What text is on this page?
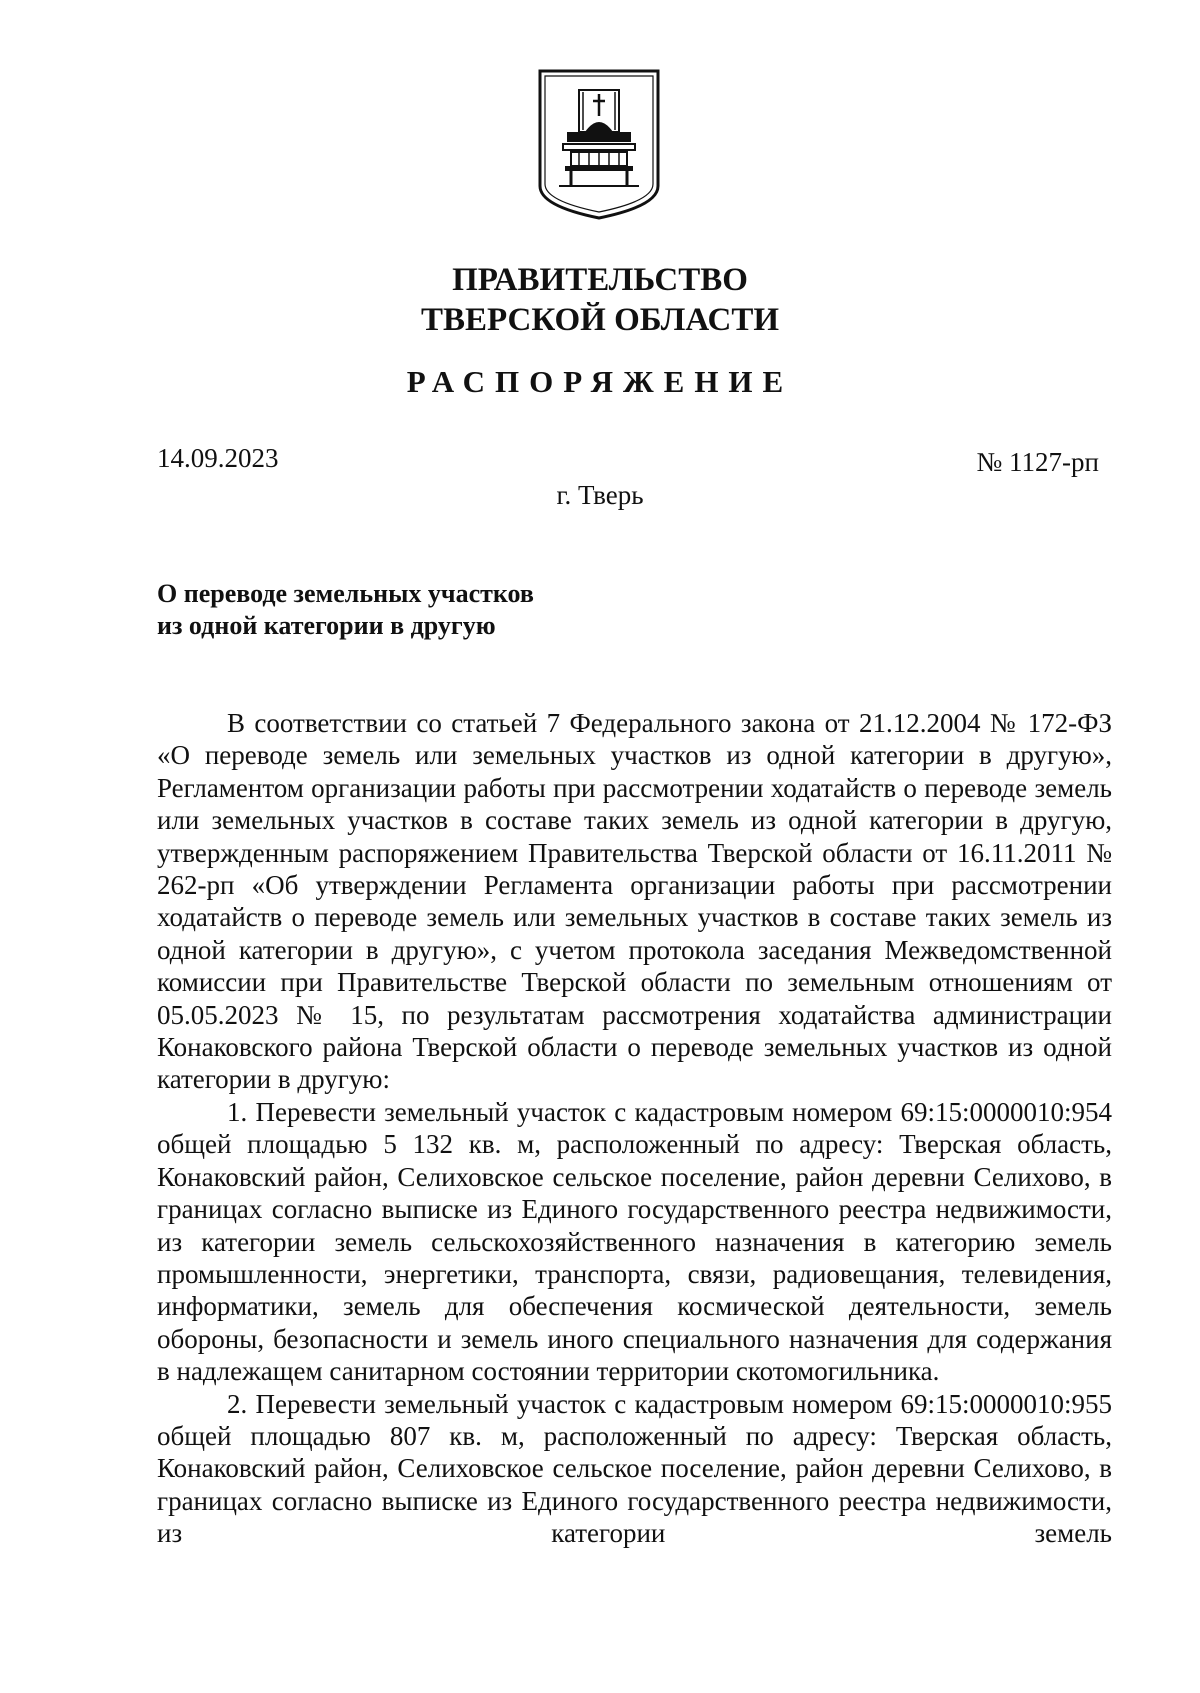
ПРАВИТЕЛЬСТВО
ТВЕРСКОЙ ОБЛАСТИ
РАСПОРЯЖЕНИЕ
14.09.2023	№ 1127-рп
г. Тверь
О переводе земельных участков
из одной категории в другую

В соответствии со статьей 7 Федерального закона от 21.12.2004 № 172-ФЗ «О переводе земель или земельных участков из одной категории в другую», Регламентом организации работы при рассмотрении ходатайств о переводе земель или земельных участков в составе таких земель из одной категории в другую, утвержденным распоряжением Правительства Тверской области от 16.11.2011 № 262-рп «Об утверждении Регламента организации работы при рассмотрении ходатайств о переводе земель или земельных участков в составе таких земель из одной категории в другую», с учетом протокола заседания Межведомственной комиссии при Правительстве Тверской области по земельным отношениям от 05.05.2023 № 15, по результатам рассмотрения ходатайства администрации Конаковского района Тверской области о переводе земельных участков из одной категории в другую:

1. Перевести земельный участок с кадастровым номером 69:15:0000010:954 общей площадью 5 132 кв. м, расположенный по адресу: Тверская область, Конаковский район, Селиховское сельское поселение, район деревни Селихово, в границах согласно выписке из Единого государственного реестра недвижимости, из категории земель сельскохозяйственного назначения в категорию земель промышленности, энергетики, транспорта, связи, радиовещания, телевидения, информатики, земель для обеспечения космической деятельности, земель обороны, безопасности и земель иного специального назначения для содержания в надлежащем санитарном состоянии территории скотомогильника.

2. Перевести земельный участок с кадастровым номером 69:15:0000010:955 общей площадью 807 кв. м, расположенный по адресу: Тверская область, Конаковский район, Селиховское сельское поселение, район деревни Селихово, в границах согласно выписке из Единого государственного реестра недвижимости, из категории земель
